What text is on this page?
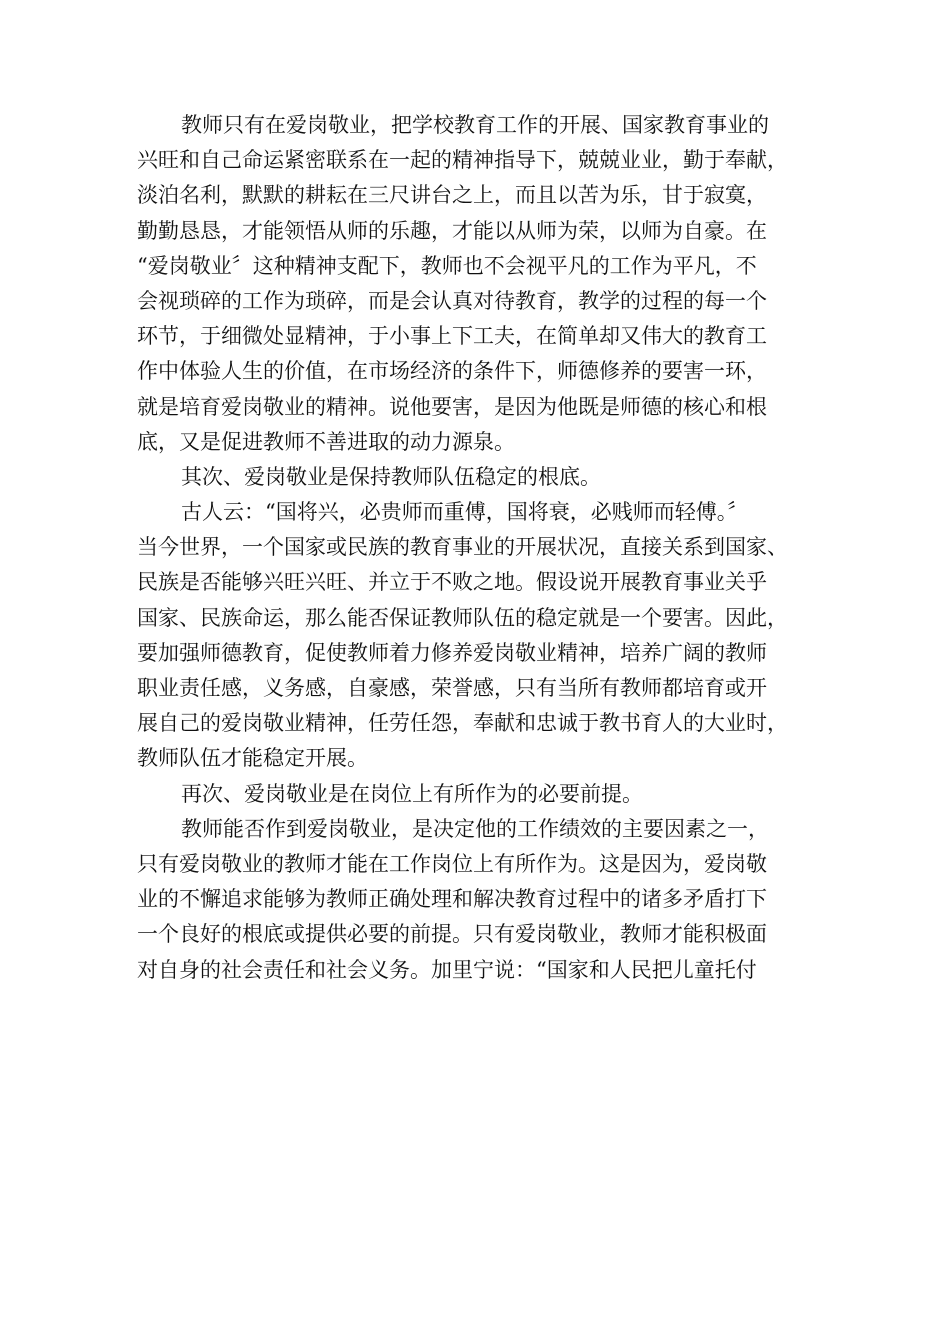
教师只有在爱岗敬业，把学校教育工作的开展、国家教育事业的
兴旺和自己命运紧密联系在一起的精神指导下，兢兢业业，勤于奉献，
淡泊名利，默默的耕耘在三尺讲台之上，而且以苦为乐，甘于寂寞，
勤勤恳恳，才能领悟从师的乐趣，才能以从师为荣，以师为自豪。在
“爱岗敬业〞这种精神支配下，教师也不会视平凡的工作为平凡，不
会视琐碎的工作为琐碎，而是会认真对待教育，教学的过程的每一个
环节，于细微处显精神，于小事上下工夫，在简单却又伟大的教育工
作中体验人生的价值，在市场经济的条件下，师德修养的要害一环，
就是培育爱岗敬业的精神。说他要害，是因为他既是师德的核心和根
底，又是促进教师不善进取的动力源泉。
其次、爱岗敬业是保持教师队伍稳定的根底。
古人云：“国将兴，必贵师而重傅，国将衰，必贱师而轻傅。〞
当今世界，一个国家或民族的教育事业的开展状况，直接关系到国家、
民族是否能够兴旺兴旺、并立于不败之地。假设说开展教育事业关乎
国家、民族命运，那么能否保证教师队伍的稳定就是一个要害。因此，
要加强师德教育，促使教师着力修养爱岗敬业精神，培养广阔的教师
职业责任感，义务感，自豪感，荣誉感，只有当所有教师都培育或开
展自己的爱岗敬业精神，任劳任怨，奉献和忠诚于教书育人的大业时，
教师队伍才能稳定开展。
再次、爱岗敬业是在岗位上有所作为的必要前提。
教师能否作到爱岗敬业，是决定他的工作绩效的主要因素之一，
只有爱岗敬业的教师才能在工作岗位上有所作为。这是因为，爱岗敬
业的不懈追求能够为教师正确处理和解决教育过程中的诸多矛盾打下
一个良好的根底或提供必要的前提。只有爱岗敬业，教师才能积极面
对自身的社会责任和社会义务。加里宁说：“国家和人民把儿童托付
